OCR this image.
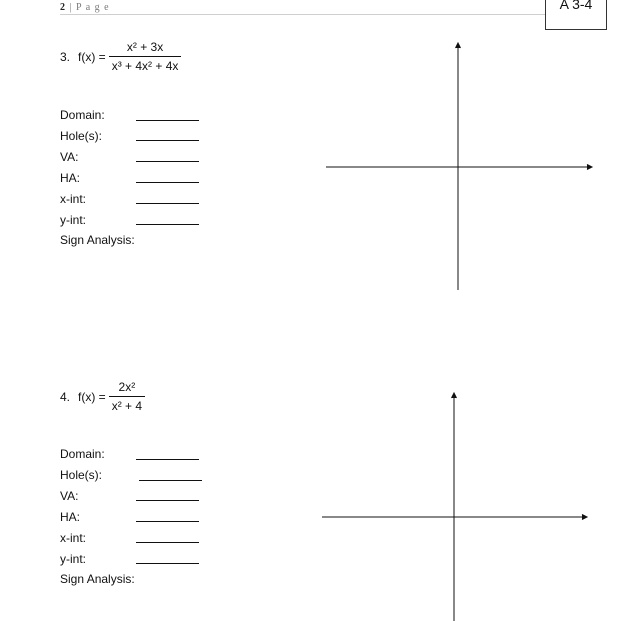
2 | P a g e	A 3-4
3. $f(x) = \frac{\text{x² + 3x}}{\text{x³ + 4x² + 4x}}$
Domain:
Hole(s):
VA:
HA:
x-int:
y-int:
Sign Analysis:
4. $f(x) = \frac{\text{2x²}}{\text{x² + 4}}$
Domain:
Hole(s):
VA:
HA:
x-int:
y-int:
Sign Analysis:
